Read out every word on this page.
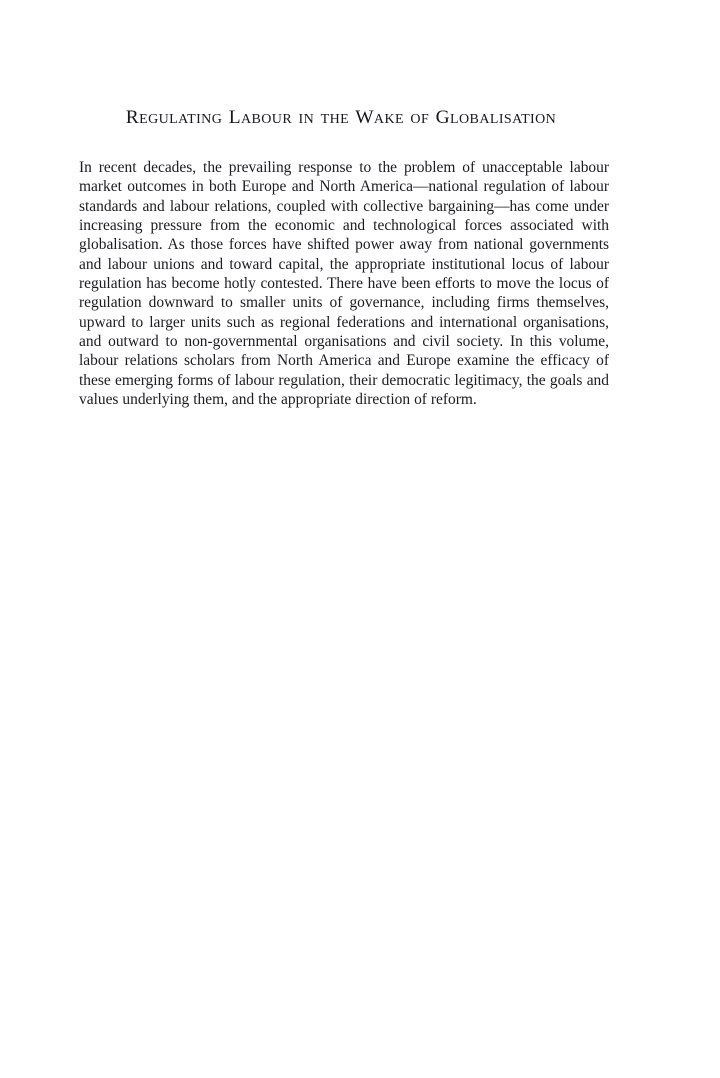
Regulating Labour in the Wake of Globalisation

In recent decades, the prevailing response to the problem of unacceptable labour market outcomes in both Europe and North America—national regulation of labour standards and labour relations, coupled with collective bargaining—has come under increasing pressure from the economic and technological forces associated with globalisation. As those forces have shifted power away from national governments and labour unions and toward capital, the appropriate institutional locus of labour regulation has become hotly contested. There have been efforts to move the locus of regulation downward to smaller units of governance, including firms themselves, upward to larger units such as regional federations and international organisations, and outward to non-governmental organisations and civil society. In this volume, labour relations scholars from North America and Europe examine the efficacy of these emerging forms of labour regulation, their democratic legitimacy, the goals and values underlying them, and the appropriate direction of reform.
